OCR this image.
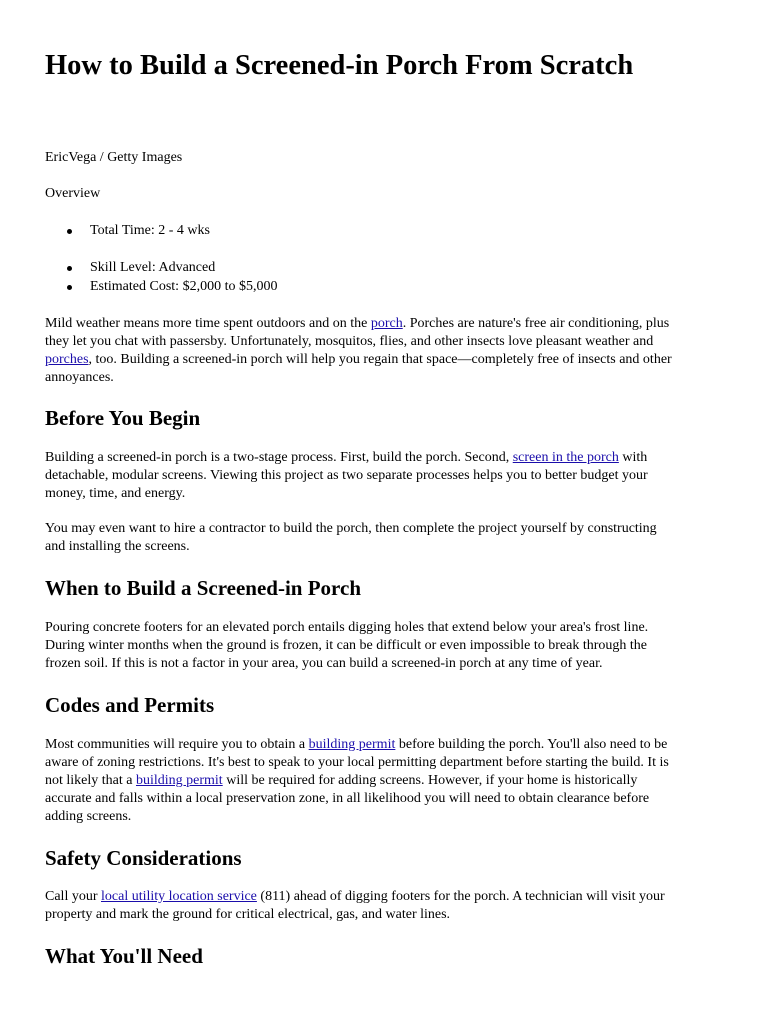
How to Build a Screened-in Porch From Scratch

EricVega / Getty Images

Overview

Total Time: 2 - 4 wks
Skill Level: Advanced
Estimated Cost: $2,000 to $5,000
Mild weather means more time spent outdoors and on the porch. Porches are nature's free air conditioning, plus
they let you chat with passersby. Unfortunately, mosquitos, flies, and other insects love pleasant weather and
porches, too. Building a screened-in porch will help you regain that space—completely free of insects and other
annoyances.
Before You Begin
Building a screened-in porch is a two-stage process. First, build the porch. Second, screen in the porch with
detachable, modular screens. Viewing this project as two separate processes helps you to better budget your
money, time, and energy.
You may even want to hire a contractor to build the porch, then complete the project yourself by constructing
and installing the screens.
When to Build a Screened-in Porch
Pouring concrete footers for an elevated porch entails digging holes that extend below your area's frost line.
During winter months when the ground is frozen, it can be difficult or even impossible to break through the
frozen soil. If this is not a factor in your area, you can build a screened-in porch at any time of year.
Codes and Permits
Most communities will require you to obtain a building permit before building the porch. You'll also need to be
aware of zoning restrictions. It's best to speak to your local permitting department before starting the build. It is
not likely that a building permit will be required for adding screens. However, if your home is historically
accurate and falls within a local preservation zone, in all likelihood you will need to obtain clearance before
adding screens.
Safety Considerations
Call your local utility location service (811) ahead of digging footers for the porch. A technician will visit your
property and mark the ground for critical electrical, gas, and water lines.
What You'll Need
